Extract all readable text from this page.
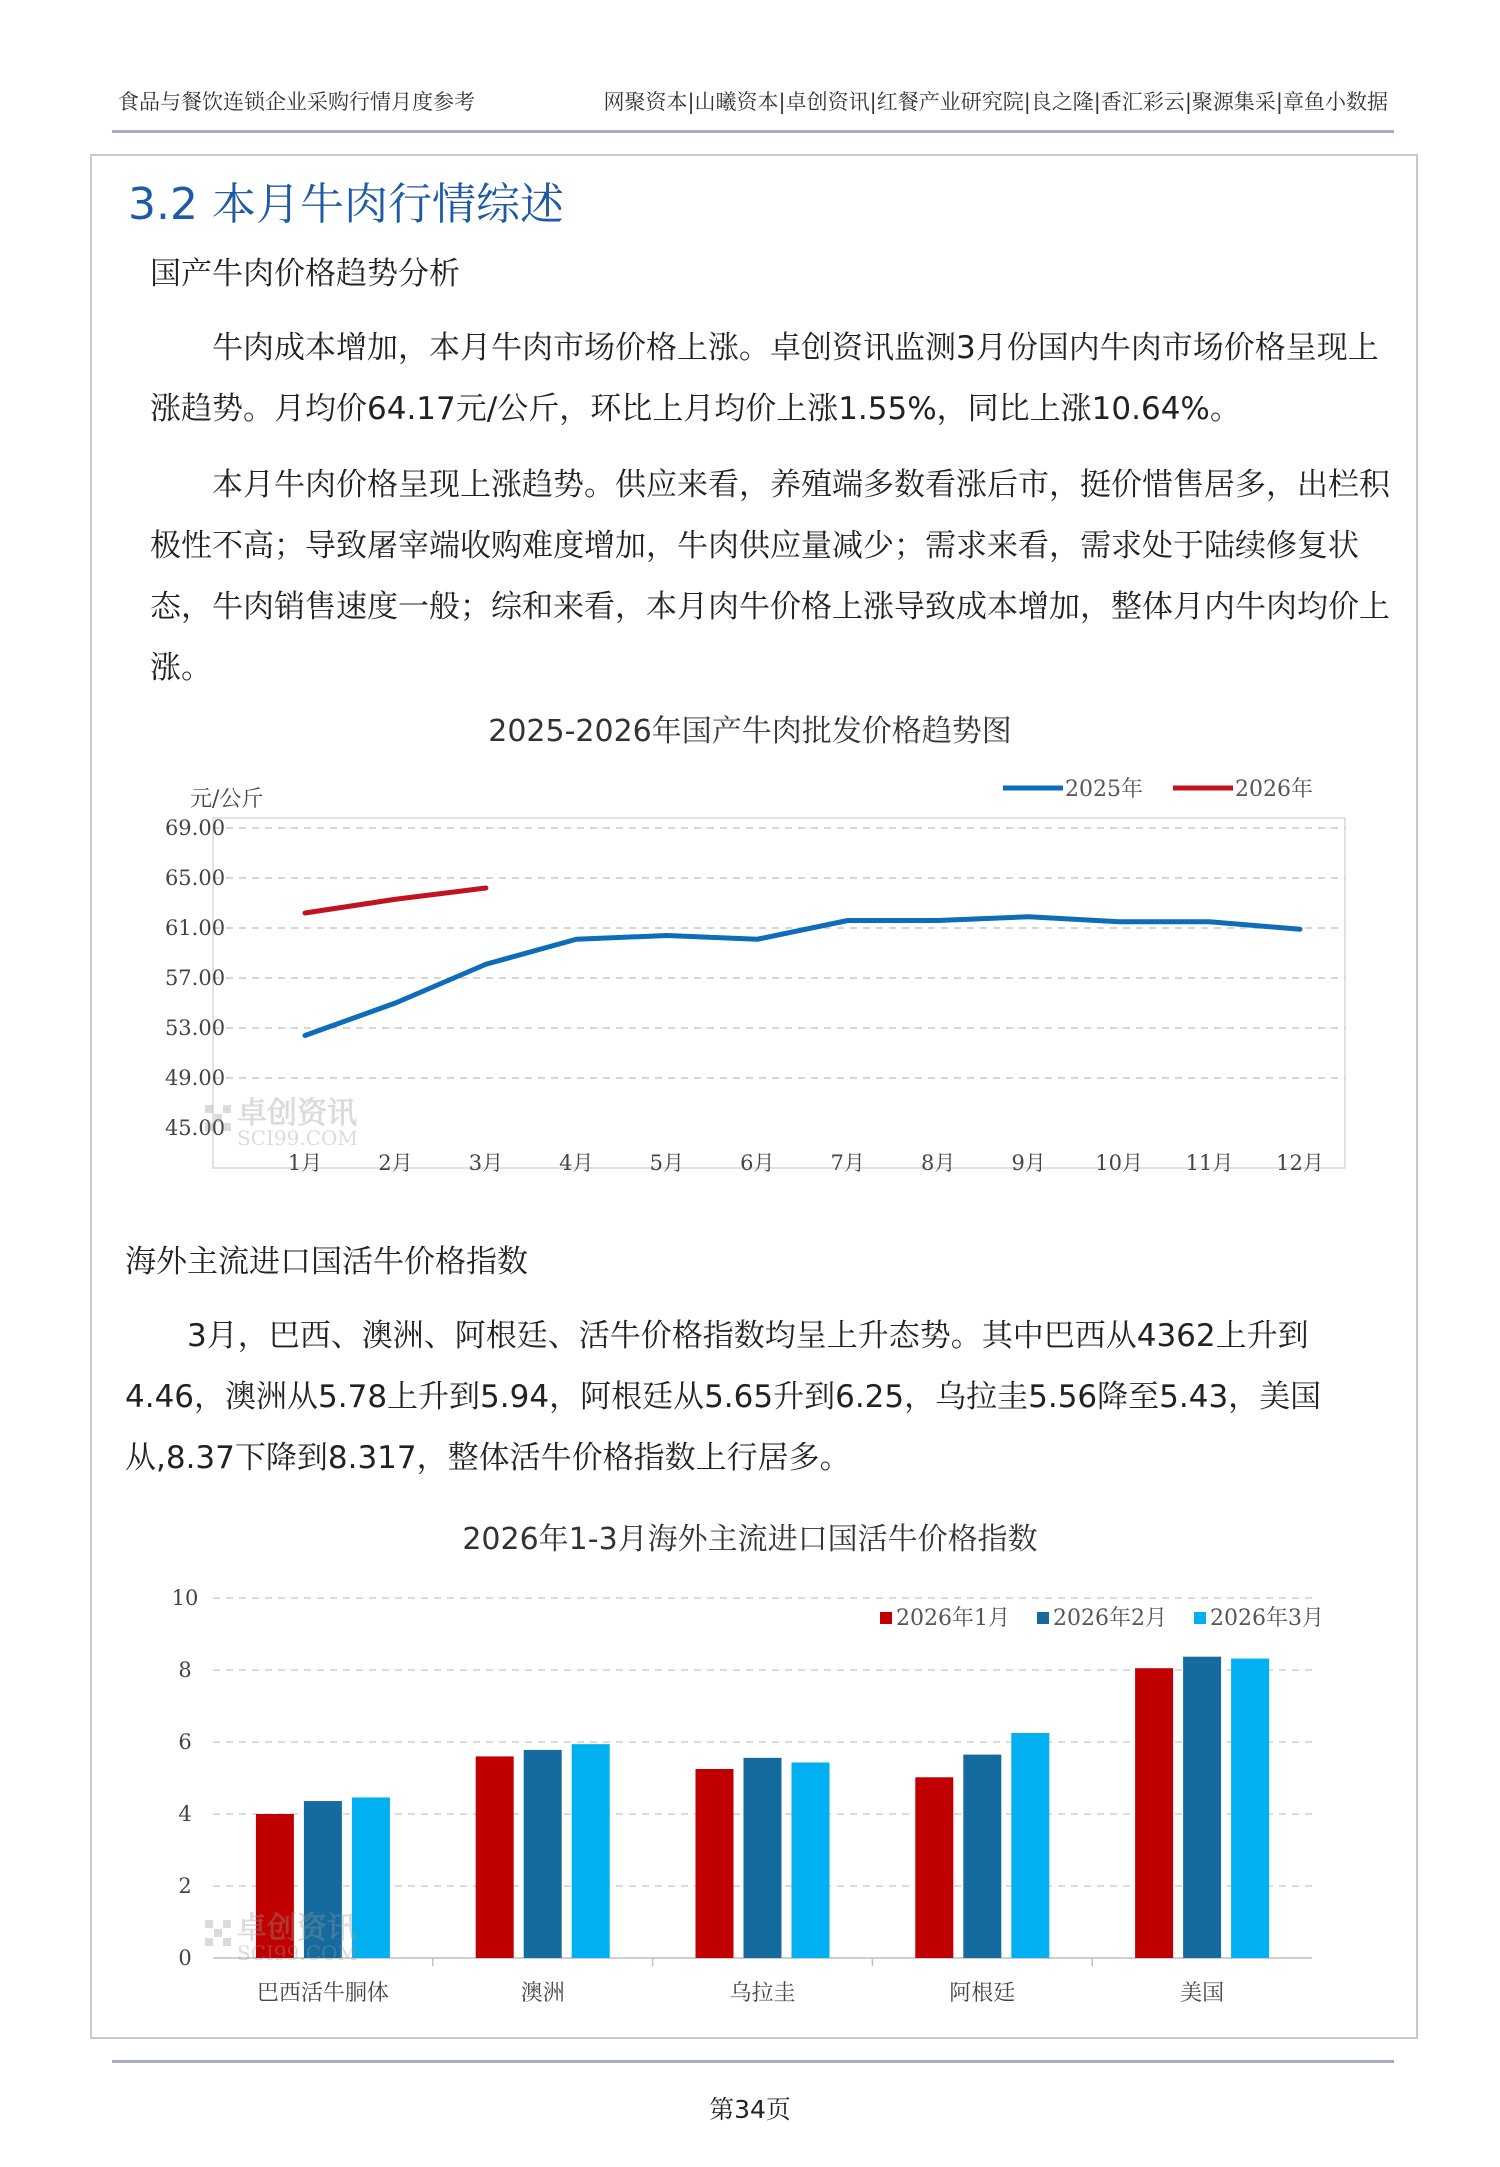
食品与餐饮连锁企业采购行情月度参考	网聚资本|山曦资本|卓创资讯|红餐产业研究院|良之隆|香汇彩云|聚源集采|章鱼小数据
3.2 本月牛肉行情综述
国产牛肉价格趋势分析

牛肉成本增加，本月牛肉市场价格上涨。卓创资讯监测3月份国内牛肉市场价格呈现上涨趋势。月均价64.17元/公斤，环比上月均价上涨1.55%，同比上涨10.64%。

本月牛肉价格呈现上涨趋势。供应来看，养殖端多数看涨后市，挺价惜售居多，出栏积极性不高；导致屠宰端收购难度增加，牛肉供应量减少；需求来看，需求处于陆续修复状态，牛肉销售速度一般；综和来看，本月肉牛价格上涨导致成本增加，整体月内牛肉均价上涨。

2025-2026年国产牛肉批发价格趋势图
69.00
65.00
61.00
57.00
53.00
49.00
45.00
元/公斤
1月	2月	3月	4月	5月	6月	7月	8月	9月 10月 11月 12月
卓创资讯
SCI99.COM
2025年	2026年
海外主流进口国活牛价格指数

3月，巴西、澳洲、阿根廷、活牛价格指数均呈上升态势。其中巴西从4362上升到4.46，澳洲从5.78上升到5.94，阿根廷从5.65升到6.25，乌拉圭5.56降至5.43，美国从,8.37下降到8.317，整体活牛价格指数上行居多。

2026年1-3月海外主流进口国活牛价格指数
10
8
6
4
2
0
巴西活牛胴体	澳洲	乌拉圭	阿根廷	美国
卓创资讯
SCI99.COM
2026年1月 2026年2月 2026年3月
第34页
